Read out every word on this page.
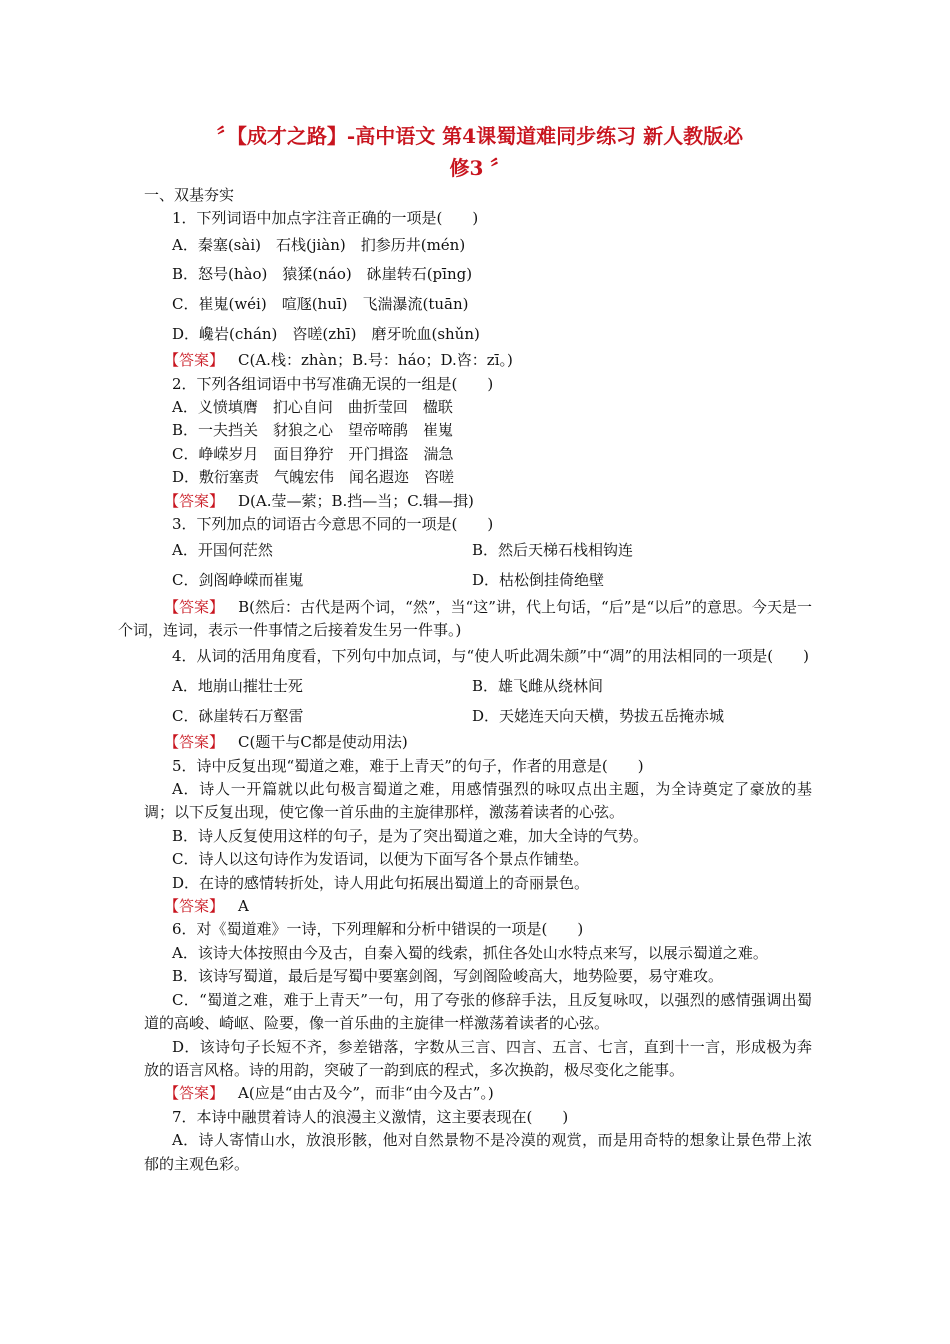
〞【成才之路】-高中语文 第4课蜀道难同步练习 新人教版必
修3 〞
一、双基夯实
1．下列词语中加点字注音正确的一项是(　　)
A．秦塞(sài)　石栈(jiàn)　扪参历井(mén)
B．怒号(hào)　猿猱(náo)　砯崖转石(pīng)
C．崔嵬(wéi)　喧豗(huī)　飞湍瀑流(tuān)
D．巉岩(chán)　咨嗟(zhī)　磨牙吮血(shǔn)
【答案】 C(A.栈：zhàn；B.号：háo；D.咨：zī。)
2．下列各组词语中书写准确无误的一组是(　　)
A．义愤填膺　扪心自问　曲折莹回　楹联
B．一夫挡关　豺狼之心　望帝啼鹃　崔嵬
C．峥嵘岁月　面目狰狞　开门揖盗　湍急
D．敷衍塞责　气魄宏伟　闻名遐迩　咨嗟
【答案】 D(A.莹—萦；B.挡—当；C.辑—揖)
3．下列加点的词语古今意思不同的一项是(　　)
A．开国何茫然	B．然后天梯石栈相钩连
C．剑阁峥嵘而崔嵬	D．枯松倒挂倚绝壁
【答案】 B(然后：古代是两个词，“然”，当“这”讲，代上句话，“后”是“以后”的意思。今天是一个词，连词，表示一件事情之后接着发生另一件事。)
4．从词的活用角度看，下列句中加点词，与“使人听此凋朱颜”中“凋”的用法相同的一项是(　　)
A．地崩山摧壮士死	B．雄飞雌从绕林间
C．砯崖转石万壑雷	D．天姥连天向天横，势拔五岳掩赤城
【答案】 C(题干与C都是使动用法)
5．诗中反复出现“蜀道之难，难于上青天”的句子，作者的用意是(　　)
A．诗人一开篇就以此句极言蜀道之难，用感情强烈的咏叹点出主题，为全诗奠定了豪放的基调；以下反复出现，使它像一首乐曲的主旋律那样，激荡着读者的心弦。
B．诗人反复使用这样的句子，是为了突出蜀道之难，加大全诗的气势。
C．诗人以这句诗作为发语词，以便为下面写各个景点作铺垫。
D．在诗的感情转折处，诗人用此句拓展出蜀道上的奇丽景色。
【答案】 A
6．对《蜀道难》一诗，下列理解和分析中错误的一项是(　　)
A．该诗大体按照由今及古，自秦入蜀的线索，抓住各处山水特点来写，以展示蜀道之难。
B．该诗写蜀道，最后是写蜀中要塞剑阁，写剑阁险峻高大，地势险要，易守难攻。
C．“蜀道之难，难于上青天”一句，用了夸张的修辞手法，且反复咏叹，以强烈的感情强调出蜀道的高峻、崎岖、险要，像一首乐曲的主旋律一样激荡着读者的心弦。
D．该诗句子长短不齐，参差错落，字数从三言、四言、五言、七言，直到十一言，形成极为奔放的语言风格。诗的用韵，突破了一韵到底的程式，多次换韵，极尽变化之能事。
【答案】 A(应是“由古及今”，而非“由今及古”。)
7．本诗中融贯着诗人的浪漫主义激情，这主要表现在(　　)
A．诗人寄情山水，放浪形骸，他对自然景物不是冷漠的观赏，而是用奇特的想象让景色带上浓郁的主观色彩。
